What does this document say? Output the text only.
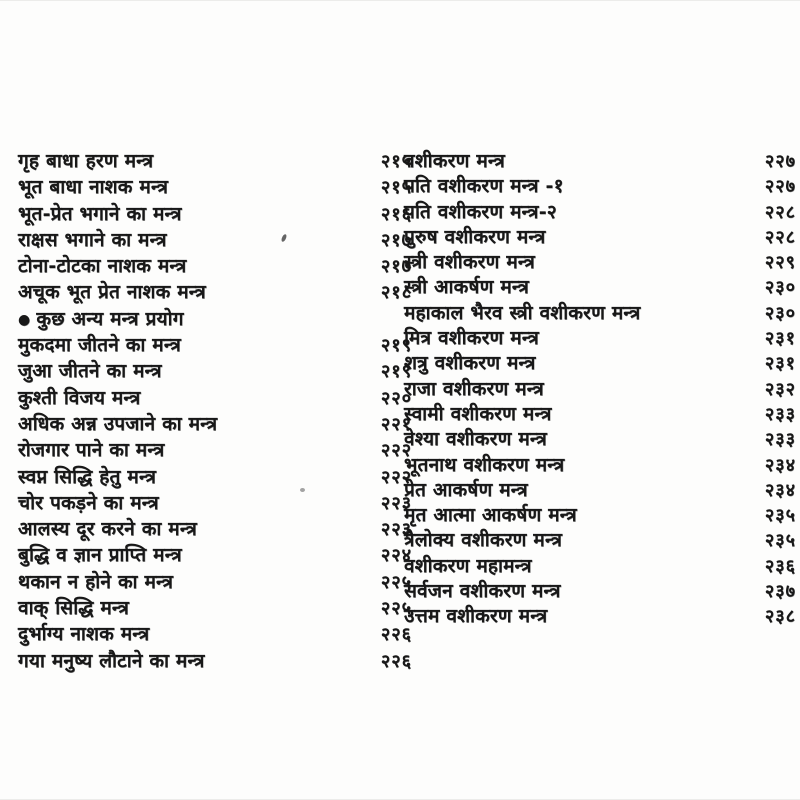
गृह बाधा हरण मन्त्र	२१५
भूत बाधा नाशक मन्त्र	२१५
भूत-प्रेत भगाने का मन्त्र	२१६
राक्षस भगाने का मन्त्र	२१७
टोना-टोटका नाशक मन्त्र	२१७
अचूक भूत प्रेत नाशक मन्त्र	२१८
● कुछ अन्य मन्त्र प्रयोग
मुकदमा जीतने का मन्त्र	२१९
जुआ जीतने का मन्त्र	२१९
कुश्ती विजय मन्त्र	२२०
अधिक अन्न उपजाने का मन्त्र	२२१
रोजगार पाने का मन्त्र	२२२
स्वप्न सिद्धि हेतु मन्त्र	२२२
चोर पकड़ने का मन्त्र	२२३
आलस्य दूर करने का मन्त्र	२२३
बुद्धि व ज्ञान प्राप्ति मन्त्र	२२४
थकान न होने का मन्त्र	२२५
वाक् सिद्धि मन्त्र	२२५
दुर्भाग्य नाशक मन्त्र	२२६
गया मनुष्य लौटाने का मन्त्र	२२६
वशीकरण मन्त्र	२२७
पति वशीकरण मन्त्र -१	२२७
पति वशीकरण मन्त्र-२	२२८
पुरुष वशीकरण मन्त्र	२२८
स्त्री वशीकरण मन्त्र	२२९
स्त्री आकर्षण मन्त्र	२३०
महाकाल भैरव स्त्री वशीकरण मन्त्र	२३०
मित्र वशीकरण मन्त्र	२३१
शत्रु वशीकरण मन्त्र	२३१
राजा वशीकरण मन्त्र	२३२
स्वामी वशीकरण मन्त्र	२३३
वेश्या वशीकरण मन्त्र	२३३
भूतनाथ वशीकरण मन्त्र	२३४
प्रेत आकर्षण मन्त्र	२३४
मृत आत्मा आकर्षण मन्त्र	२३५
त्रैलोक्य वशीकरण मन्त्र	२३५
वशीकरण महामन्त्र	२३६
सर्वजन वशीकरण मन्त्र	२३७
उत्तम वशीकरण मन्त्र	२३८
